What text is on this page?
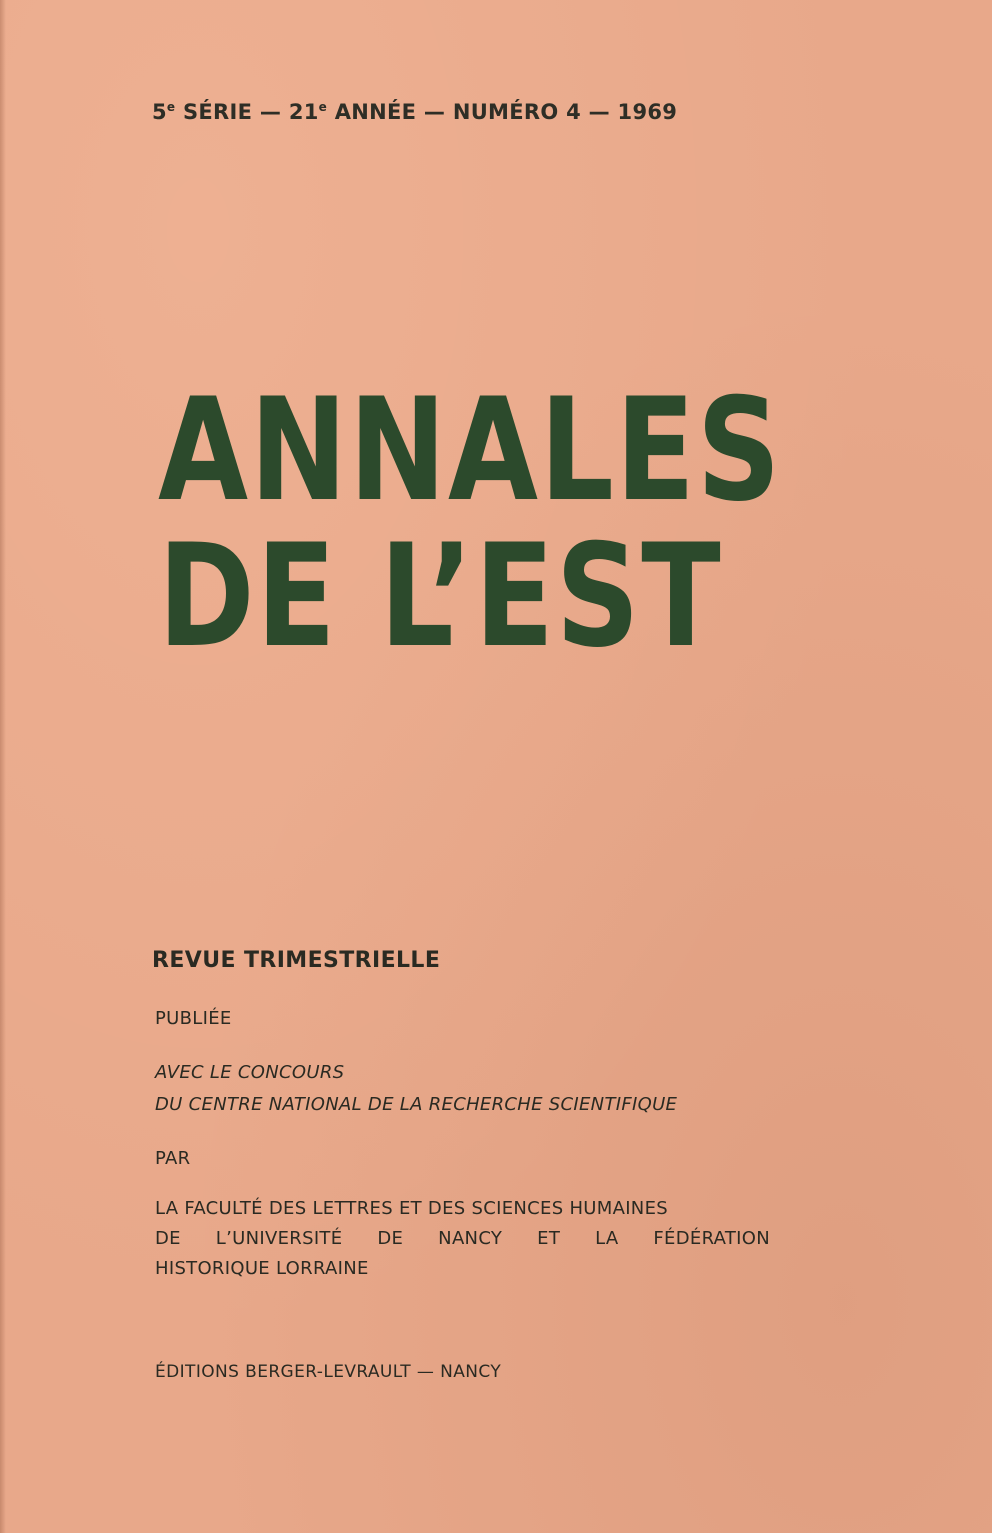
5e SÉRIE — 21e ANNÉE — NUMÉRO 4 — 1969
ANNALES
DE L’EST
REVUE TRIMESTRIELLE
PUBLIÉE
AVEC LE CONCOURS
DU CENTRE NATIONAL DE LA RECHERCHE SCIENTIFIQUE
PAR
LA FACULTÉ DES LETTRES ET DES SCIENCES HUMAINES
DE L’UNIVERSITÉ DE NANCY ET LA FÉDÉRATION
HISTORIQUE LORRAINE
ÉDITIONS BERGER-LEVRAULT — NANCY
